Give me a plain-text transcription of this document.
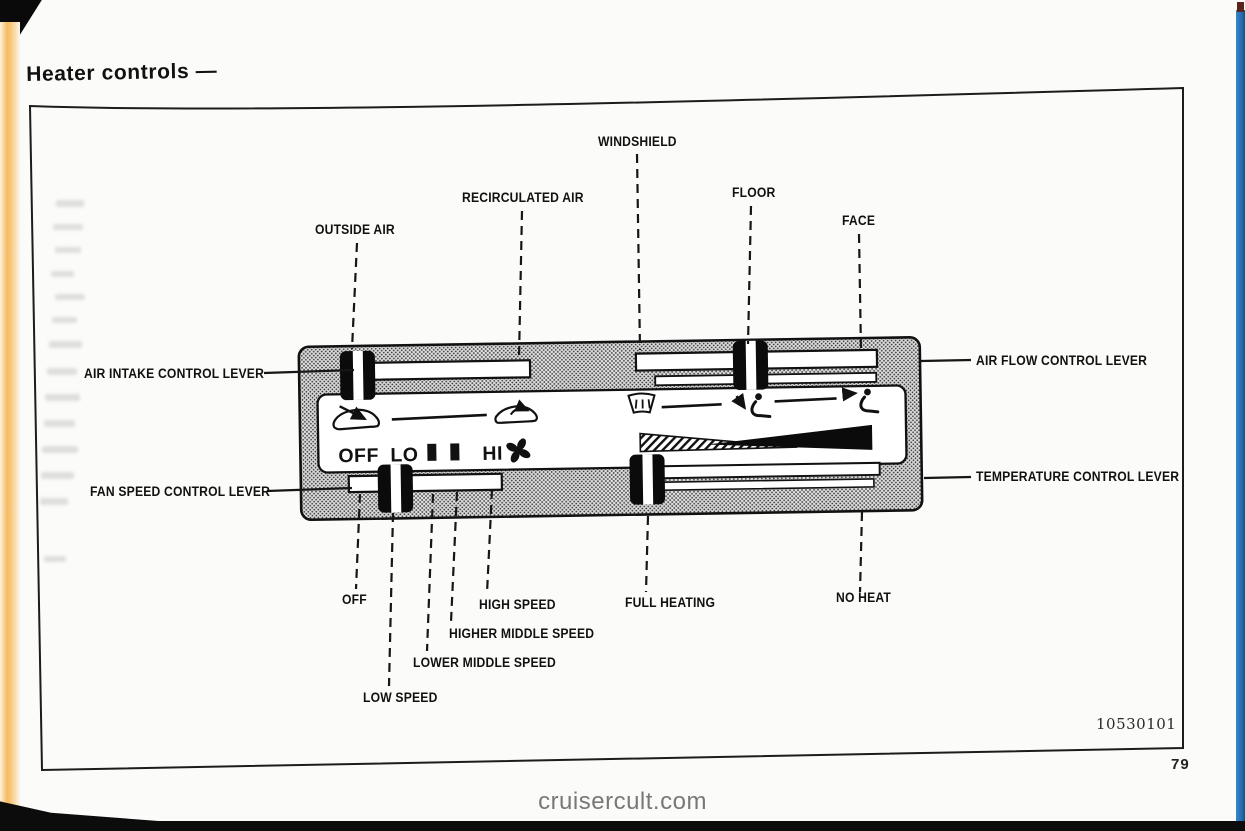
OFF LO	HI
Heater controls —
OUTSIDE AIR
RECIRCULATED AIR
WINDSHIELD
FLOOR
FACE
AIR INTAKE CONTROL LEVER
FAN SPEED CONTROL LEVER
AIR FLOW CONTROL LEVER
TEMPERATURE CONTROL LEVER
OFF
LOW SPEED
LOWER MIDDLE SPEED
HIGHER MIDDLE SPEED
HIGH SPEED	FULL HEATING	NO HEAT
10530101
79
cruisercult.com
